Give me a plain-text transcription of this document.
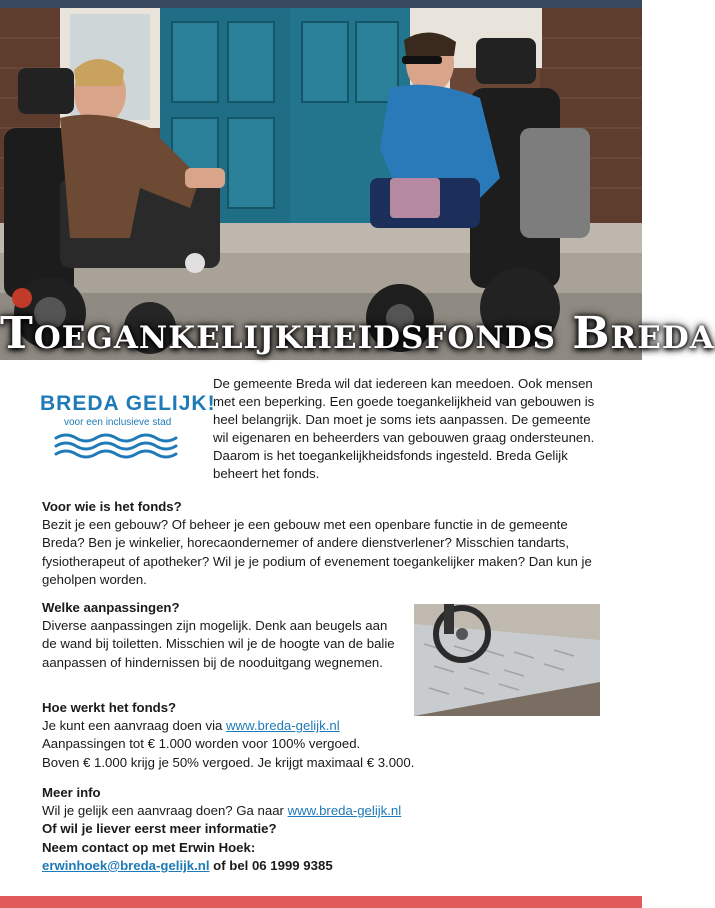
Toegankelijkheidsfonds Breda
BREDA GELIJK!
voor een inclusieve stad

De gemeente Breda wil dat iedereen kan meedoen. Ook mensen met een beperking. Een goede toegankelijkheid van gebouwen is heel belangrijk. Dan moet je soms iets aanpassen. De gemeente wil eigenaren en beheerders van gebouwen graag ondersteunen. Daarom is het toegankelijkheidsfonds ingesteld. Breda Gelijk beheert het fonds.

Voor wie is het fonds?

Bezit je een gebouw? Of beheer je een gebouw met een openbare functie in de gemeente Breda? Ben je winkelier, horecaondernemer of andere dienstverlener? Misschien tandarts, fysiotherapeut of apotheker? Wil je je podium of evenement toegankelijker maken? Dan kun je geholpen worden.

Welke aanpassingen?

Diverse aanpassingen zijn mogelijk. Denk aan beugels aan de wand bij toiletten. Misschien wil je de hoogte van de balie aanpassen of hindernissen bij de nooduitgang wegnemen.

Hoe werkt het fonds?

Je kunt een aanvraag doen via www.breda-gelijk.nl

Aanpassingen tot € 1.000 worden voor 100% vergoed.

Boven € 1.000 krijg je 50% vergoed. Je krijgt maximaal € 3.000.

Meer info

Wil je gelijk een aanvraag doen? Ga naar www.breda-gelijk.nl

Of wil je liever eerst meer informatie?

Neem contact op met Erwin Hoek:

erwinhoek@breda-gelijk.nl of bel 06 1999 9385
